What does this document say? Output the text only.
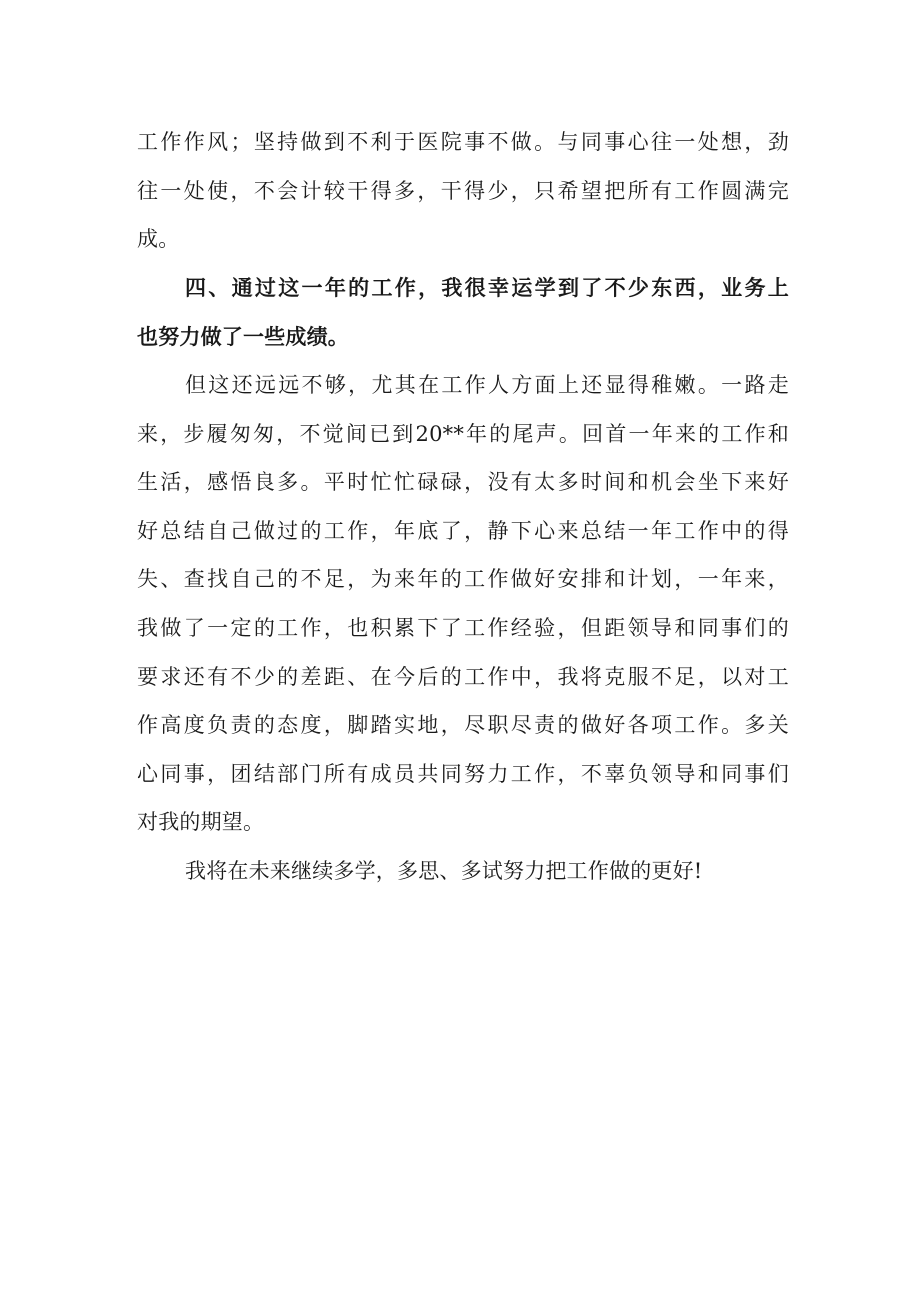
工作作风；坚持做到不利于医院事不做。与同事心往一处想，劲
往一处使，不会计较干得多，干得少，只希望把所有工作圆满完
成。

四、通过这一年的工作，我很幸运学到了不少东西，业务上
也努力做了一些成绩。

但这还远远不够，尤其在工作人方面上还显得稚嫩。一路走
来，步履匆匆，不觉间已到20**年的尾声。回首一年来的工作和
生活，感悟良多。平时忙忙碌碌，没有太多时间和机会坐下来好
好总结自己做过的工作，年底了，静下心来总结一年工作中的得
失、查找自己的不足，为来年的工作做好安排和计划，一年来，
我做了一定的工作，也积累下了工作经验，但距领导和同事们的
要求还有不少的差距、在今后的工作中，我将克服不足，以对工
作高度负责的态度，脚踏实地，尽职尽责的做好各项工作。多关
心同事，团结部门所有成员共同努力工作，不辜负领导和同事们
对我的期望。

我将在未来继续多学，多思、多试努力把工作做的更好!
